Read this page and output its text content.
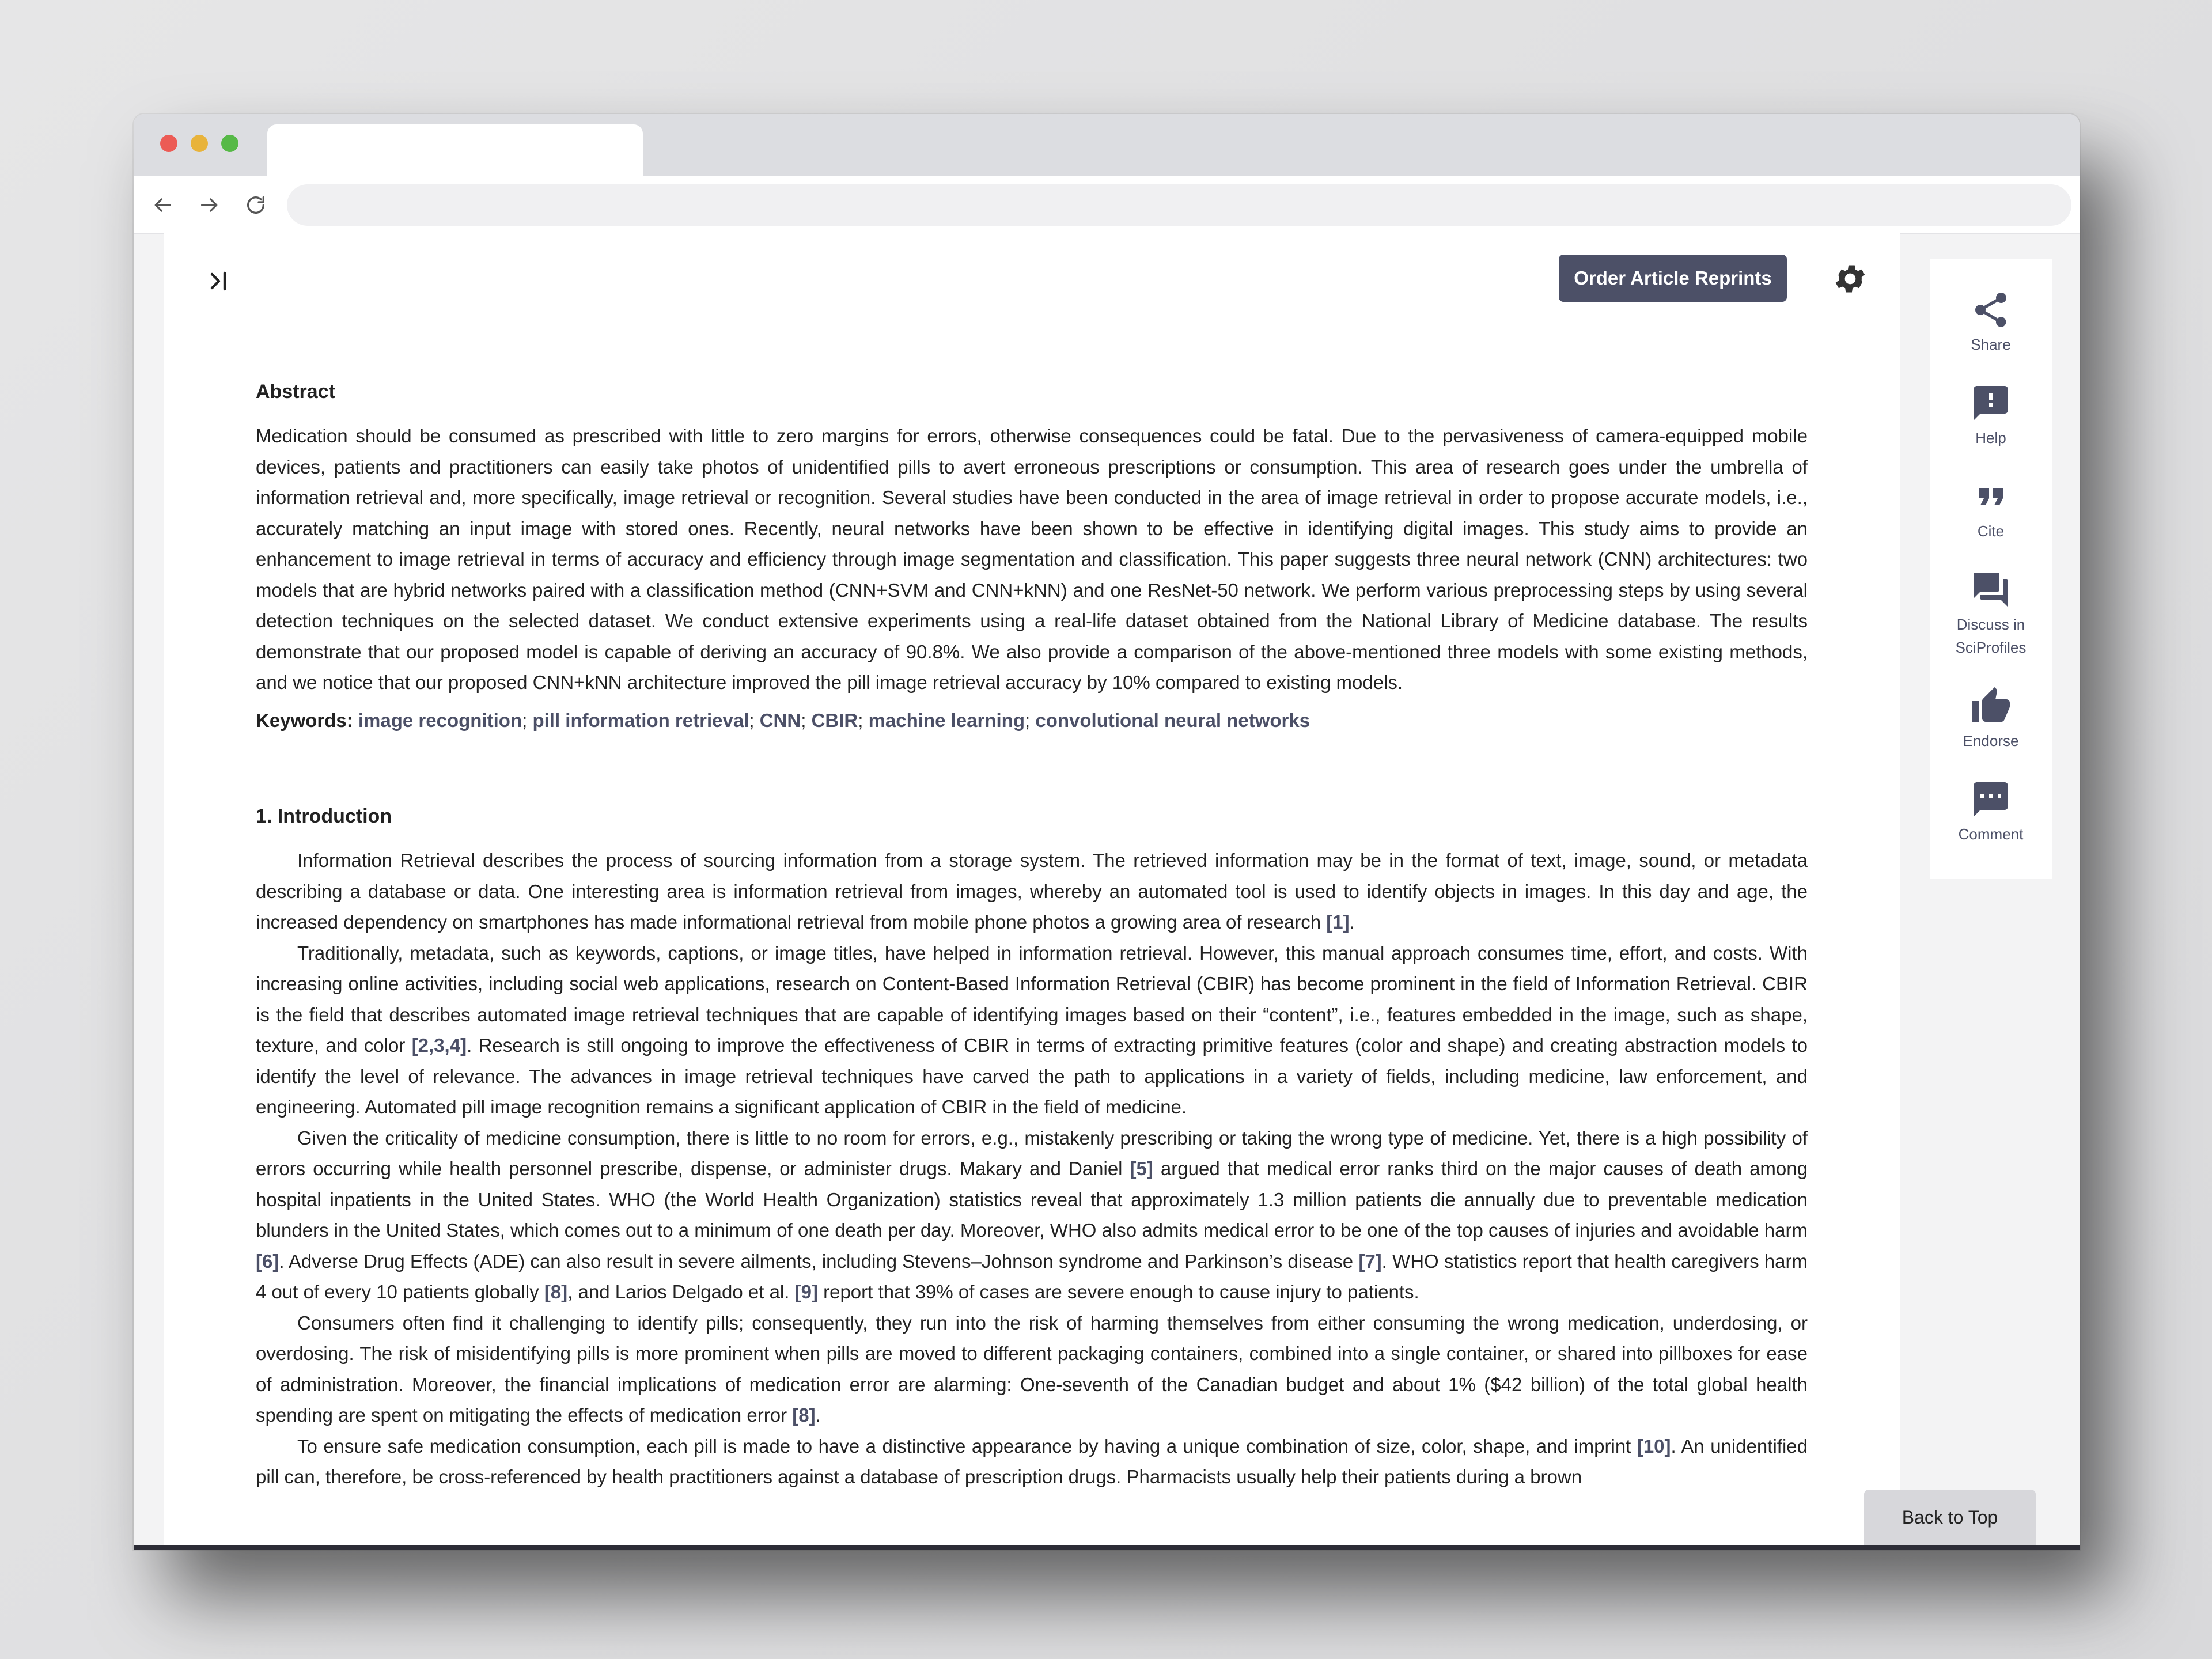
Order Article Reprints
Abstract

Medication should be consumed as prescribed with little to zero margins for errors, otherwise consequences could be fatal. Due to the pervasiveness of camera-equipped mobile devices, patients and practitioners can easily take photos of unidentified pills to avert erroneous prescriptions or consumption. This area of research goes under the umbrella of information retrieval and, more specifically, image retrieval or recognition. Several studies have been conducted in the area of image retrieval in order to propose accurate models, i.e., accurately matching an input image with stored ones. Recently, neural networks have been shown to be effective in identifying digital images. This study aims to provide an enhancement to image retrieval in terms of accuracy and efficiency through image segmentation and classification. This paper suggests three neural network (CNN) architectures: two models that are hybrid networks paired with a classification method (CNN+SVM and CNN+kNN) and one ResNet-50 network. We perform various preprocessing steps by using several detection techniques on the selected dataset. We conduct extensive experiments using a real-life dataset obtained from the National Library of Medicine database. The results demonstrate that our proposed model is capable of deriving an accuracy of 90.8%. We also provide a comparison of the above-mentioned three models with some existing methods, and we notice that our proposed CNN+kNN architecture improved the pill image retrieval accuracy by 10% compared to existing models.

Keywords: image recognition; pill information retrieval; CNN; CBIR; machine learning; convolutional neural networks

1. Introduction

Information Retrieval describes the process of sourcing information from a storage system. The retrieved information may be in the format of text, image, sound, or metadata describing a database or data. One interesting area is information retrieval from images, whereby an automated tool is used to identify objects in images. In this day and age, the increased dependency on smartphones has made informational retrieval from mobile phone photos a growing area of research [1].

Traditionally, metadata, such as keywords, captions, or image titles, have helped in information retrieval. However, this manual approach consumes time, effort, and costs. With increasing online activities, including social web applications, research on Content-Based Information Retrieval (CBIR) has become prominent in the field of Information Retrieval. CBIR is the field that describes automated image retrieval techniques that are capable of identifying images based on their “content”, i.e., features embedded in the image, such as shape, texture, and color [2,3,4]. Research is still ongoing to improve the effectiveness of CBIR in terms of extracting primitive features (color and shape) and creating abstraction models to identify the level of relevance. The advances in image retrieval techniques have carved the path to applications in a variety of fields, including medicine, law enforcement, and engineering. Automated pill image recognition remains a significant application of CBIR in the field of medicine.

Given the criticality of medicine consumption, there is little to no room for errors, e.g., mistakenly prescribing or taking the wrong type of medicine. Yet, there is a high possibility of errors occurring while health personnel prescribe, dispense, or administer drugs. Makary and Daniel [5] argued that medical error ranks third on the major causes of death among hospital inpatients in the United States. WHO (the World Health Organization) statistics reveal that approximately 1.3 million patients die annually due to preventable medication blunders in the United States, which comes out to a minimum of one death per day. Moreover, WHO also admits medical error to be one of the top causes of injuries and avoidable harm [6]. Adverse Drug Effects (ADE) can also result in severe ailments, including Stevens–Johnson syndrome and Parkinson’s disease [7]. WHO statistics report that health caregivers harm 4 out of every 10 patients globally [8], and Larios Delgado et al. [9] report that 39% of cases are severe enough to cause injury to patients.

Consumers often find it challenging to identify pills; consequently, they run into the risk of harming themselves from either consuming the wrong medication, underdosing, or overdosing. The risk of misidentifying pills is more prominent when pills are moved to different packaging containers, combined into a single container, or shared into pillboxes for ease of administration. Moreover, the financial implications of medication error are alarming: One-seventh of the Canadian budget and about 1% ($42 billion) of the total global health spending are spent on mitigating the effects of medication error [8].

To ensure safe medication consumption, each pill is made to have a distinctive appearance by having a unique combination of size, color, shape, and imprint [10]. An unidentified pill can, therefore, be cross-referenced by health practitioners against a database of prescription drugs. Pharmacists usually help their patients during a brown

Share
Help
Cite
Discuss in
SciProfiles
Endorse
Comment
Back to Top
